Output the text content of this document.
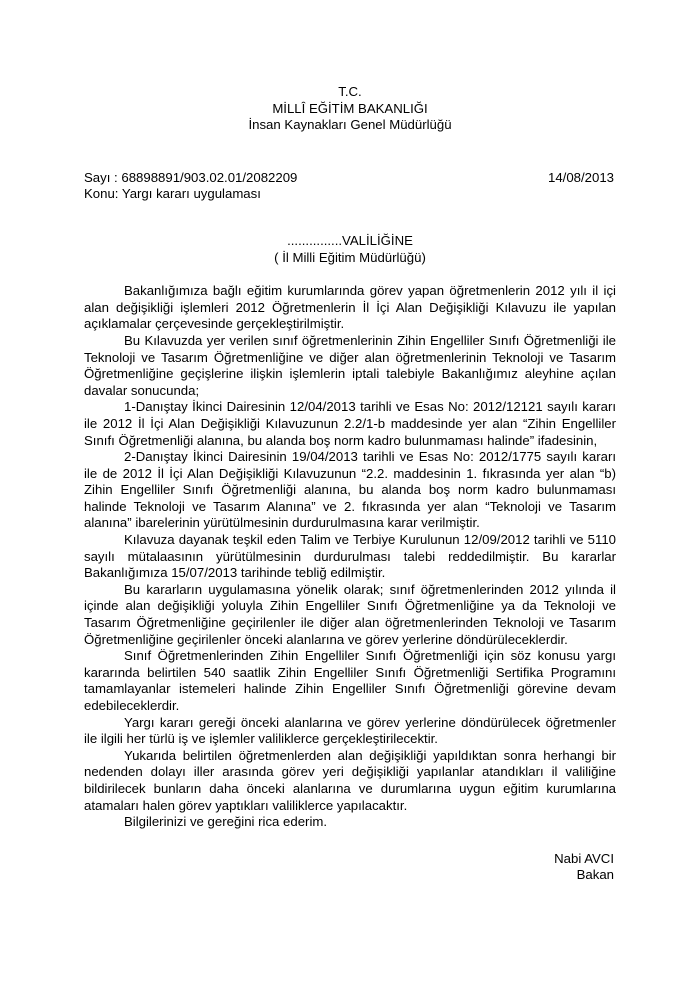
T.C.
MİLLÎ EĞİTİM BAKANLIĞI
İnsan Kaynakları Genel Müdürlüğü
Sayı : 68898891/903.02.01/2082209	14/08/2013
Konu: Yargı kararı uygulaması
...............VALİLİĞİNE
( İl Milli Eğitim Müdürlüğü)

Bakanlığımıza bağlı eğitim kurumlarında görev yapan öğretmenlerin 2012 yılı il içi alan değişikliği işlemleri 2012 Öğretmenlerin İl İçi Alan Değişikliği Kılavuzu ile yapılan açıklamalar çerçevesinde gerçekleştirilmiştir.

Bu Kılavuzda yer verilen sınıf öğretmenlerinin Zihin Engelliler Sınıfı Öğretmenliği ile Teknoloji ve Tasarım Öğretmenliğine ve diğer alan öğretmenlerinin Teknoloji ve Tasarım Öğretmenliğine geçişlerine ilişkin işlemlerin iptali talebiyle Bakanlığımız aleyhine açılan davalar sonucunda;

1-Danıştay İkinci Dairesinin 12/04/2013 tarihli ve Esas No: 2012/12121 sayılı kararı ile 2012 İl İçi Alan Değişikliği Kılavuzunun 2.2/1-b maddesinde yer alan “Zihin Engelliler Sınıfı Öğretmenliği alanına, bu alanda boş norm kadro bulunmaması halinde” ifadesinin,

2-Danıştay İkinci Dairesinin 19/04/2013 tarihli ve Esas No: 2012/1775 sayılı kararı ile de 2012 İl İçi Alan Değişikliği Kılavuzunun “2.2. maddesinin 1. fıkrasında yer alan “b) Zihin Engelliler Sınıfı Öğretmenliği alanına, bu alanda boş norm kadro bulunmaması halinde Teknoloji ve Tasarım Alanına” ve 2. fıkrasında yer alan “Teknoloji ve Tasarım alanına” ibarelerinin yürütülmesinin durdurulmasına karar verilmiştir.

Kılavuza dayanak teşkil eden Talim ve Terbiye Kurulunun 12/09/2012 tarihli ve 5110 sayılı mütalaasının yürütülmesinin durdurulması talebi reddedilmiştir. Bu kararlar Bakanlığımıza 15/07/2013 tarihinde tebliğ edilmiştir.

Bu kararların uygulamasına yönelik olarak; sınıf öğretmenlerinden 2012 yılında il içinde alan değişikliği yoluyla Zihin Engelliler Sınıfı Öğretmenliğine ya da Teknoloji ve Tasarım Öğretmenliğine geçirilenler ile diğer alan öğretmenlerinden Teknoloji ve Tasarım Öğretmenliğine geçirilenler önceki alanlarına ve görev yerlerine döndürüleceklerdir.

Sınıf Öğretmenlerinden Zihin Engelliler Sınıfı Öğretmenliği için söz konusu yargı kararında belirtilen 540 saatlik Zihin Engelliler Sınıfı Öğretmenliği Sertifika Programını tamamlayanlar istemeleri halinde Zihin Engelliler Sınıfı Öğretmenliği görevine devam edebileceklerdir.

Yargı kararı gereği önceki alanlarına ve görev yerlerine döndürülecek öğretmenler ile ilgili her türlü iş ve işlemler valiliklerce gerçekleştirilecektir.

Yukarıda belirtilen öğretmenlerden alan değişikliği yapıldıktan sonra herhangi bir nedenden dolayı iller arasında görev yeri değişikliği yapılanlar atandıkları il valiliğine bildirilecek bunların daha önceki alanlarına ve durumlarına uygun eğitim kurumlarına atamaları halen görev yaptıkları valiliklerce yapılacaktır.

Bilgilerinizi ve gereğini rica ederim.

Nabi AVCI
Bakan
